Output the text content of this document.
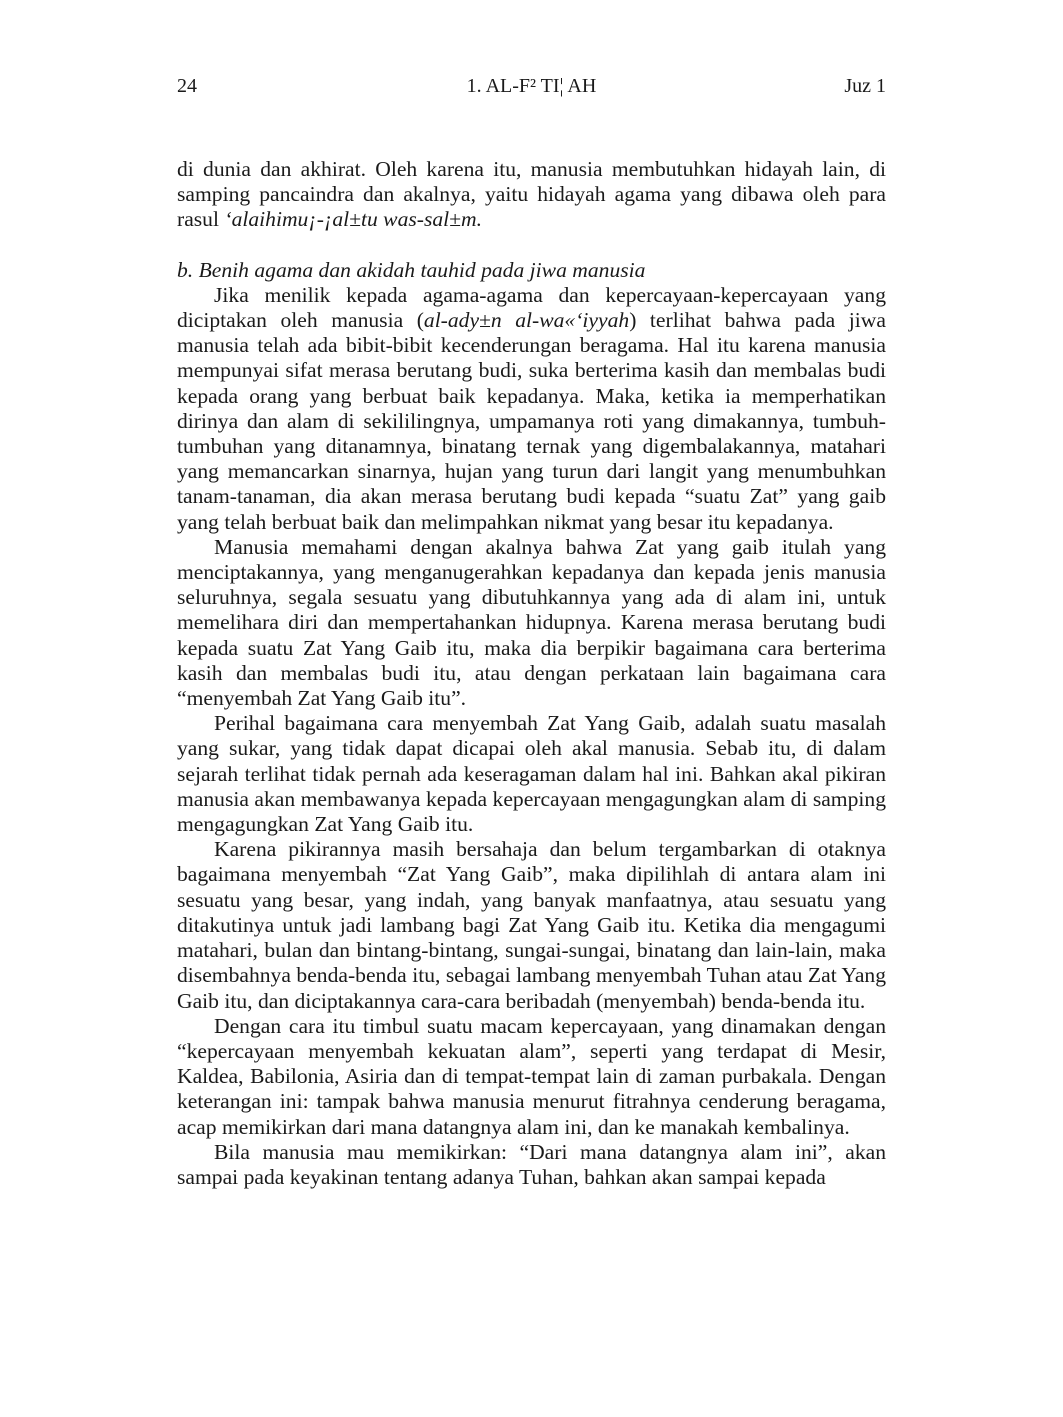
24	1. AL-F² TI¦ AH	Juz 1

di dunia dan akhirat. Oleh karena itu, manusia membutuhkan hidayah lain, di samping pancaindra dan akalnya, yaitu hidayah agama yang dibawa oleh para rasul ‘alaihimu¡-¡al±tu was-sal±m.

b. Benih agama dan akidah tauhid pada jiwa manusia

Jika menilik kepada agama-agama dan kepercayaan-kepercayaan yang diciptakan oleh manusia (al-ady±n al-wa«‘iyyah) terlihat bahwa pada jiwa manusia telah ada bibit-bibit kecenderungan beragama. Hal itu karena manusia mempunyai sifat merasa berutang budi, suka berterima kasih dan membalas budi kepada orang yang berbuat baik kepadanya. Maka, ketika ia memperhatikan dirinya dan alam di sekililingnya, umpamanya roti yang dimakannya, tumbuh-tumbuhan yang ditanamnya, binatang ternak yang digembalakannya, matahari yang memancarkan sinarnya, hujan yang turun dari langit yang menumbuhkan tanam-tanaman, dia akan merasa berutang budi kepada “suatu Zat” yang gaib yang telah berbuat baik dan melimpahkan nikmat yang besar itu kepadanya.

Manusia memahami dengan akalnya bahwa Zat yang gaib itulah yang menciptakannya, yang menganugerahkan kepadanya dan kepada jenis manusia seluruhnya, segala sesuatu yang dibutuhkannya yang ada di alam ini, untuk memelihara diri dan mempertahankan hidupnya. Karena merasa berutang budi kepada suatu Zat Yang Gaib itu, maka dia berpikir bagaimana cara berterima kasih dan membalas budi itu, atau dengan perkataan lain bagaimana cara “menyembah Zat Yang Gaib itu”.

Perihal bagaimana cara menyembah Zat Yang Gaib, adalah suatu masalah yang sukar, yang tidak dapat dicapai oleh akal manusia. Sebab itu, di dalam sejarah terlihat tidak pernah ada keseragaman dalam hal ini. Bahkan akal pikiran manusia akan membawanya kepada kepercayaan mengagungkan alam di samping mengagungkan Zat Yang Gaib itu.

Karena pikirannya masih bersahaja dan belum tergambarkan di otaknya bagaimana menyembah “Zat Yang Gaib”, maka dipilihlah di antara alam ini sesuatu yang besar, yang indah, yang banyak manfaatnya, atau sesuatu yang ditakutinya untuk jadi lambang bagi Zat Yang Gaib itu. Ketika dia mengagumi matahari, bulan dan bintang-bintang, sungai-sungai, binatang dan lain-lain, maka disembahnya benda-benda itu, sebagai lambang menyembah Tuhan atau Zat Yang Gaib itu, dan diciptakannya cara-cara beribadah (menyembah) benda-benda itu.

Dengan cara itu timbul suatu macam kepercayaan, yang dinamakan dengan “kepercayaan menyembah kekuatan alam”, seperti yang terdapat di Mesir, Kaldea, Babilonia, Asiria dan di tempat-tempat lain di zaman purbakala. Dengan keterangan ini: tampak bahwa manusia menurut fitrahnya cenderung beragama, acap memikirkan dari mana datangnya alam ini, dan ke manakah kembalinya.

Bila manusia mau memikirkan: “Dari mana datangnya alam ini”, akan sampai pada keyakinan tentang adanya Tuhan, bahkan akan sampai kepada
